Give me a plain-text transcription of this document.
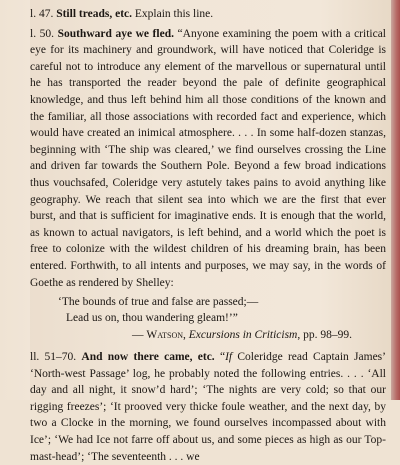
l. 47. Still treads, etc. Explain this line.

l. 50. Southward aye we fled. “Anyone examining the poem with a critical eye for its machinery and groundwork, will have noticed that Coleridge is careful not to introduce any element of the marvellous or supernatural until he has transported the reader beyond the pale of definite geographical knowledge, and thus left behind him all those conditions of the known and the familiar, all those associations with recorded fact and experience, which would have created an inimical atmosphere. . . . In some half-dozen stanzas, beginning with ‘The ship was cleared,’ we find ourselves crossing the Line and driven far towards the Southern Pole. Beyond a few broad indications thus vouchsafed, Coleridge very astutely takes pains to avoid anything like geography. We reach that silent sea into which we are the first that ever burst, and that is sufficient for imaginative ends. It is enough that the world, as known to actual navigators, is left behind, and a world which the poet is free to colonize with the wildest children of his dreaming brain, has been entered. Forthwith, to all intents and purposes, we may say, in the words of Goethe as rendered by Shelley:

‘The bounds of true and false are passed;—
Lead us on, thou wandering gleam!’”
— Watson, Excursions in Criticism, pp. 98–99.

ll. 51–70. And now there came, etc. “If Coleridge read Captain James’ ‘North-west Passage’ log, he probably noted the following entries. . . . ‘All day and all night, it snow’d hard’; ‘The nights are very cold; so that our rigging freezes’; ‘It prooved very thicke foule weather, and the next day, by two a Clocke in the morning, we found ourselves incompassed about with Ice’; ‘We had Ice not farre off about us, and some pieces as high as our Top-mast-head’; ‘The seventeenth . . . we
